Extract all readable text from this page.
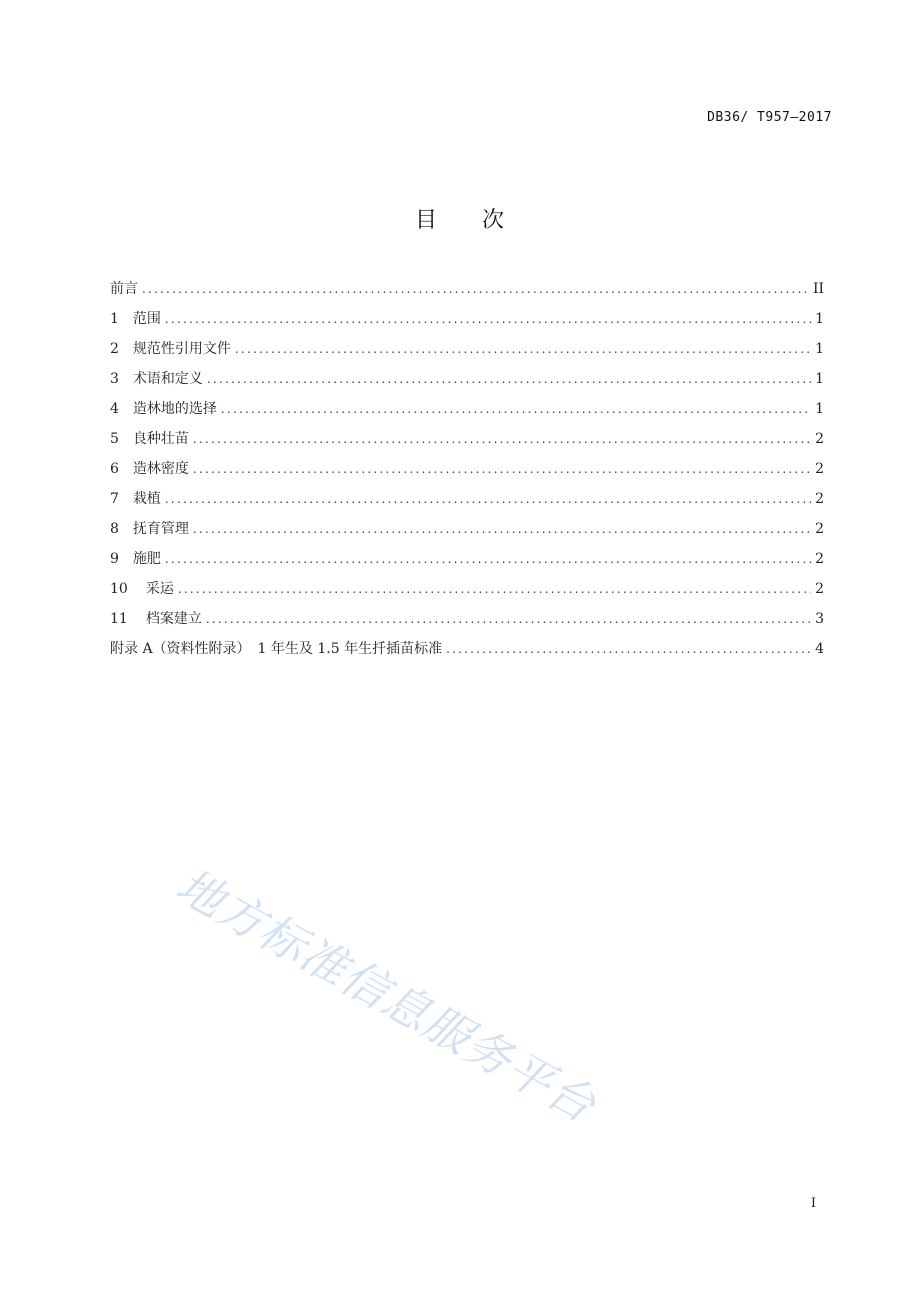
DB36/ T957—2017
目 次
前言 .....	II
1 范围 .....	1
2 规范性引用文件 .....	1
3 术语和定义 .....	1
4 造林地的选择 .....	1
5 良种壮苗 .....	2
6 造林密度 .....	2
7 栽植 .....	2
8 抚育管理 .....	2
9 施肥 .....	2
10 采运 .....	2
11 档案建立 .....	3
附录 A（资料性附录）　1 年生及 1.5 年生扦插苗标准 .....	4
地方标准信息服务平台
I
